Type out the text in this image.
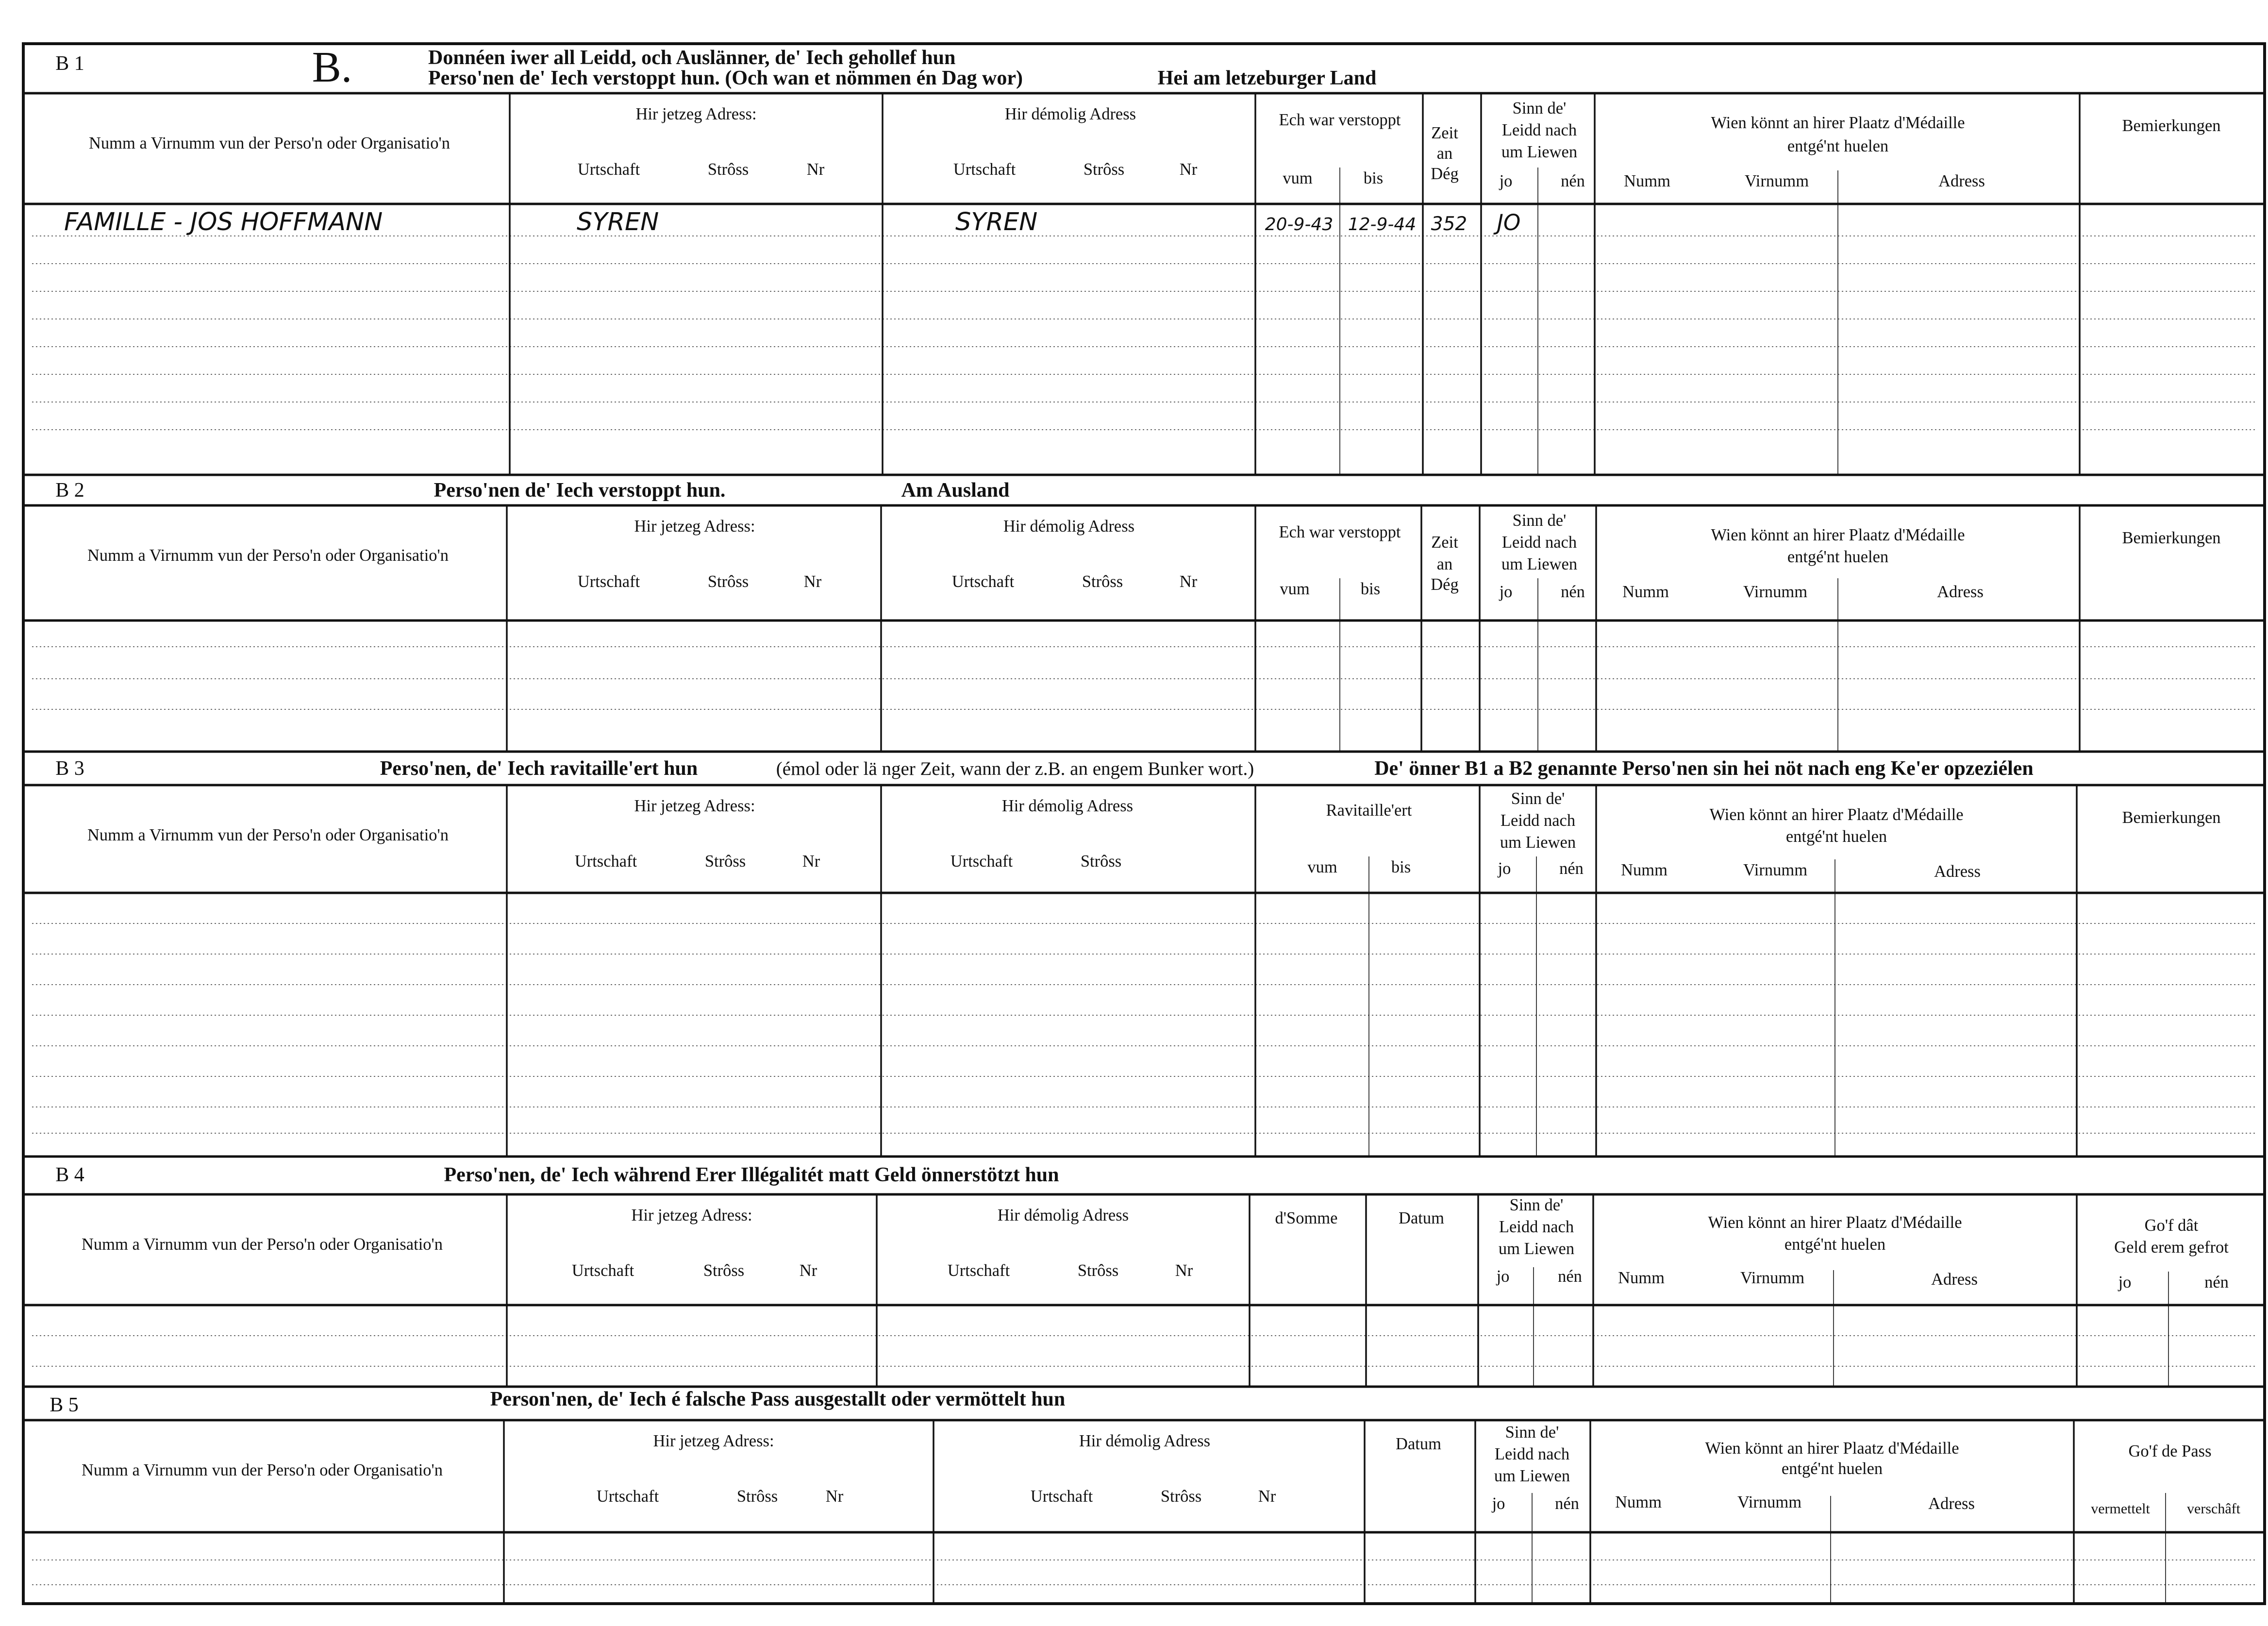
B 1	B.	Donnéen iwer all Leidd, och Auslänner, de' Iech gehollef hun
Perso'nen de' Iech verstoppt hun. (Och wan et nömmen én Dag wor)	Hei am letzeburger Land
Numm a Virnumm vun der Perso'n oder Organisatio'n
Hir jetzeg Adress:
Urtschaft	Strôss	Nr
Hir démolig Adress
Urtschaft	Strôss	Nr
Ech war verstoppt
vum	bis
Zeit
an
Dég
Sinn de'
Leidd nach
um Liewen
jo	nén
Wien könnt an hirer Plaatz d'Médaille
entgé'nt huelen
Numm	Virnumm	Adress
Bemierkungen
FAMILLE - JOS HOFFMANN	SYREN	SYREN	20-9-43 12-9-44 352 JO
B 2	Perso'nen de' Iech verstoppt hun.	Am Ausland
Numm a Virnumm vun der Perso'n oder Organisatio'n
Hir jetzeg Adress:
Urtschaft	Strôss	Nr
Hir démolig Adress
Urtschaft	Strôss	Nr
Ech war verstoppt
vum	bis
Zeit
an
Dég
Sinn de'
Leidd nach
um Liewen
jo	nén
Wien könnt an hirer Plaatz d'Médaille
entgé'nt huelen
Numm	Virnumm	Adress
Bemierkungen
B 3	Perso'nen, de' Iech ravitaille'ert hun	(émol oder lä nger Zeit, wann der z.B. an engem Bunker wort.)	De' önner B1 a B2 genannte Perso'nen sin hei nöt nach eng Ke'er opzeziélen
Numm a Virnumm vun der Perso'n oder Organisatio'n
Hir jetzeg Adress:
Urtschaft	Strôss	Nr
Hir démolig Adress
Urtschaft	Strôss
Ravitaille'ert
vum	bis
Sinn de'
Leidd nach
um Liewen
jo	nén
Wien könnt an hirer Plaatz d'Médaille
entgé'nt huelen
Numm	Virnumm	Adress
Bemierkungen
B 4	Perso'nen, de' Iech während Erer Illégalitét matt Geld önnerstötzt hun
Numm a Virnumm vun der Perso'n oder Organisatio'n
Hir jetzeg Adress:
Urtschaft	Strôss	Nr
Hir démolig Adress
Urtschaft	Strôss	Nr
d'Somme	Datum
Sinn de'
Leidd nach
um Liewen
jo	nén
Wien könnt an hirer Plaatz d'Médaille
entgé'nt huelen
Numm	Virnumm	Adress
Go'f dât
Geld erem gefrot
jo	nén
B 5	Person'nen, de' Iech é falsche Pass ausgestallt oder vermöttelt hun
Numm a Virnumm vun der Perso'n oder Organisatio'n
Hir jetzeg Adress:
Urtschaft	Strôss	Nr
Hir démolig Adress
Urtschaft	Strôss	Nr
Datum
Sinn de'
Leidd nach
um Liewen
jo	nén
Wien könnt an hirer Plaatz d'Médaille
entgé'nt huelen
Numm	Virnumm	Adress
Go'f de Pass
vermettelt	verschâft
